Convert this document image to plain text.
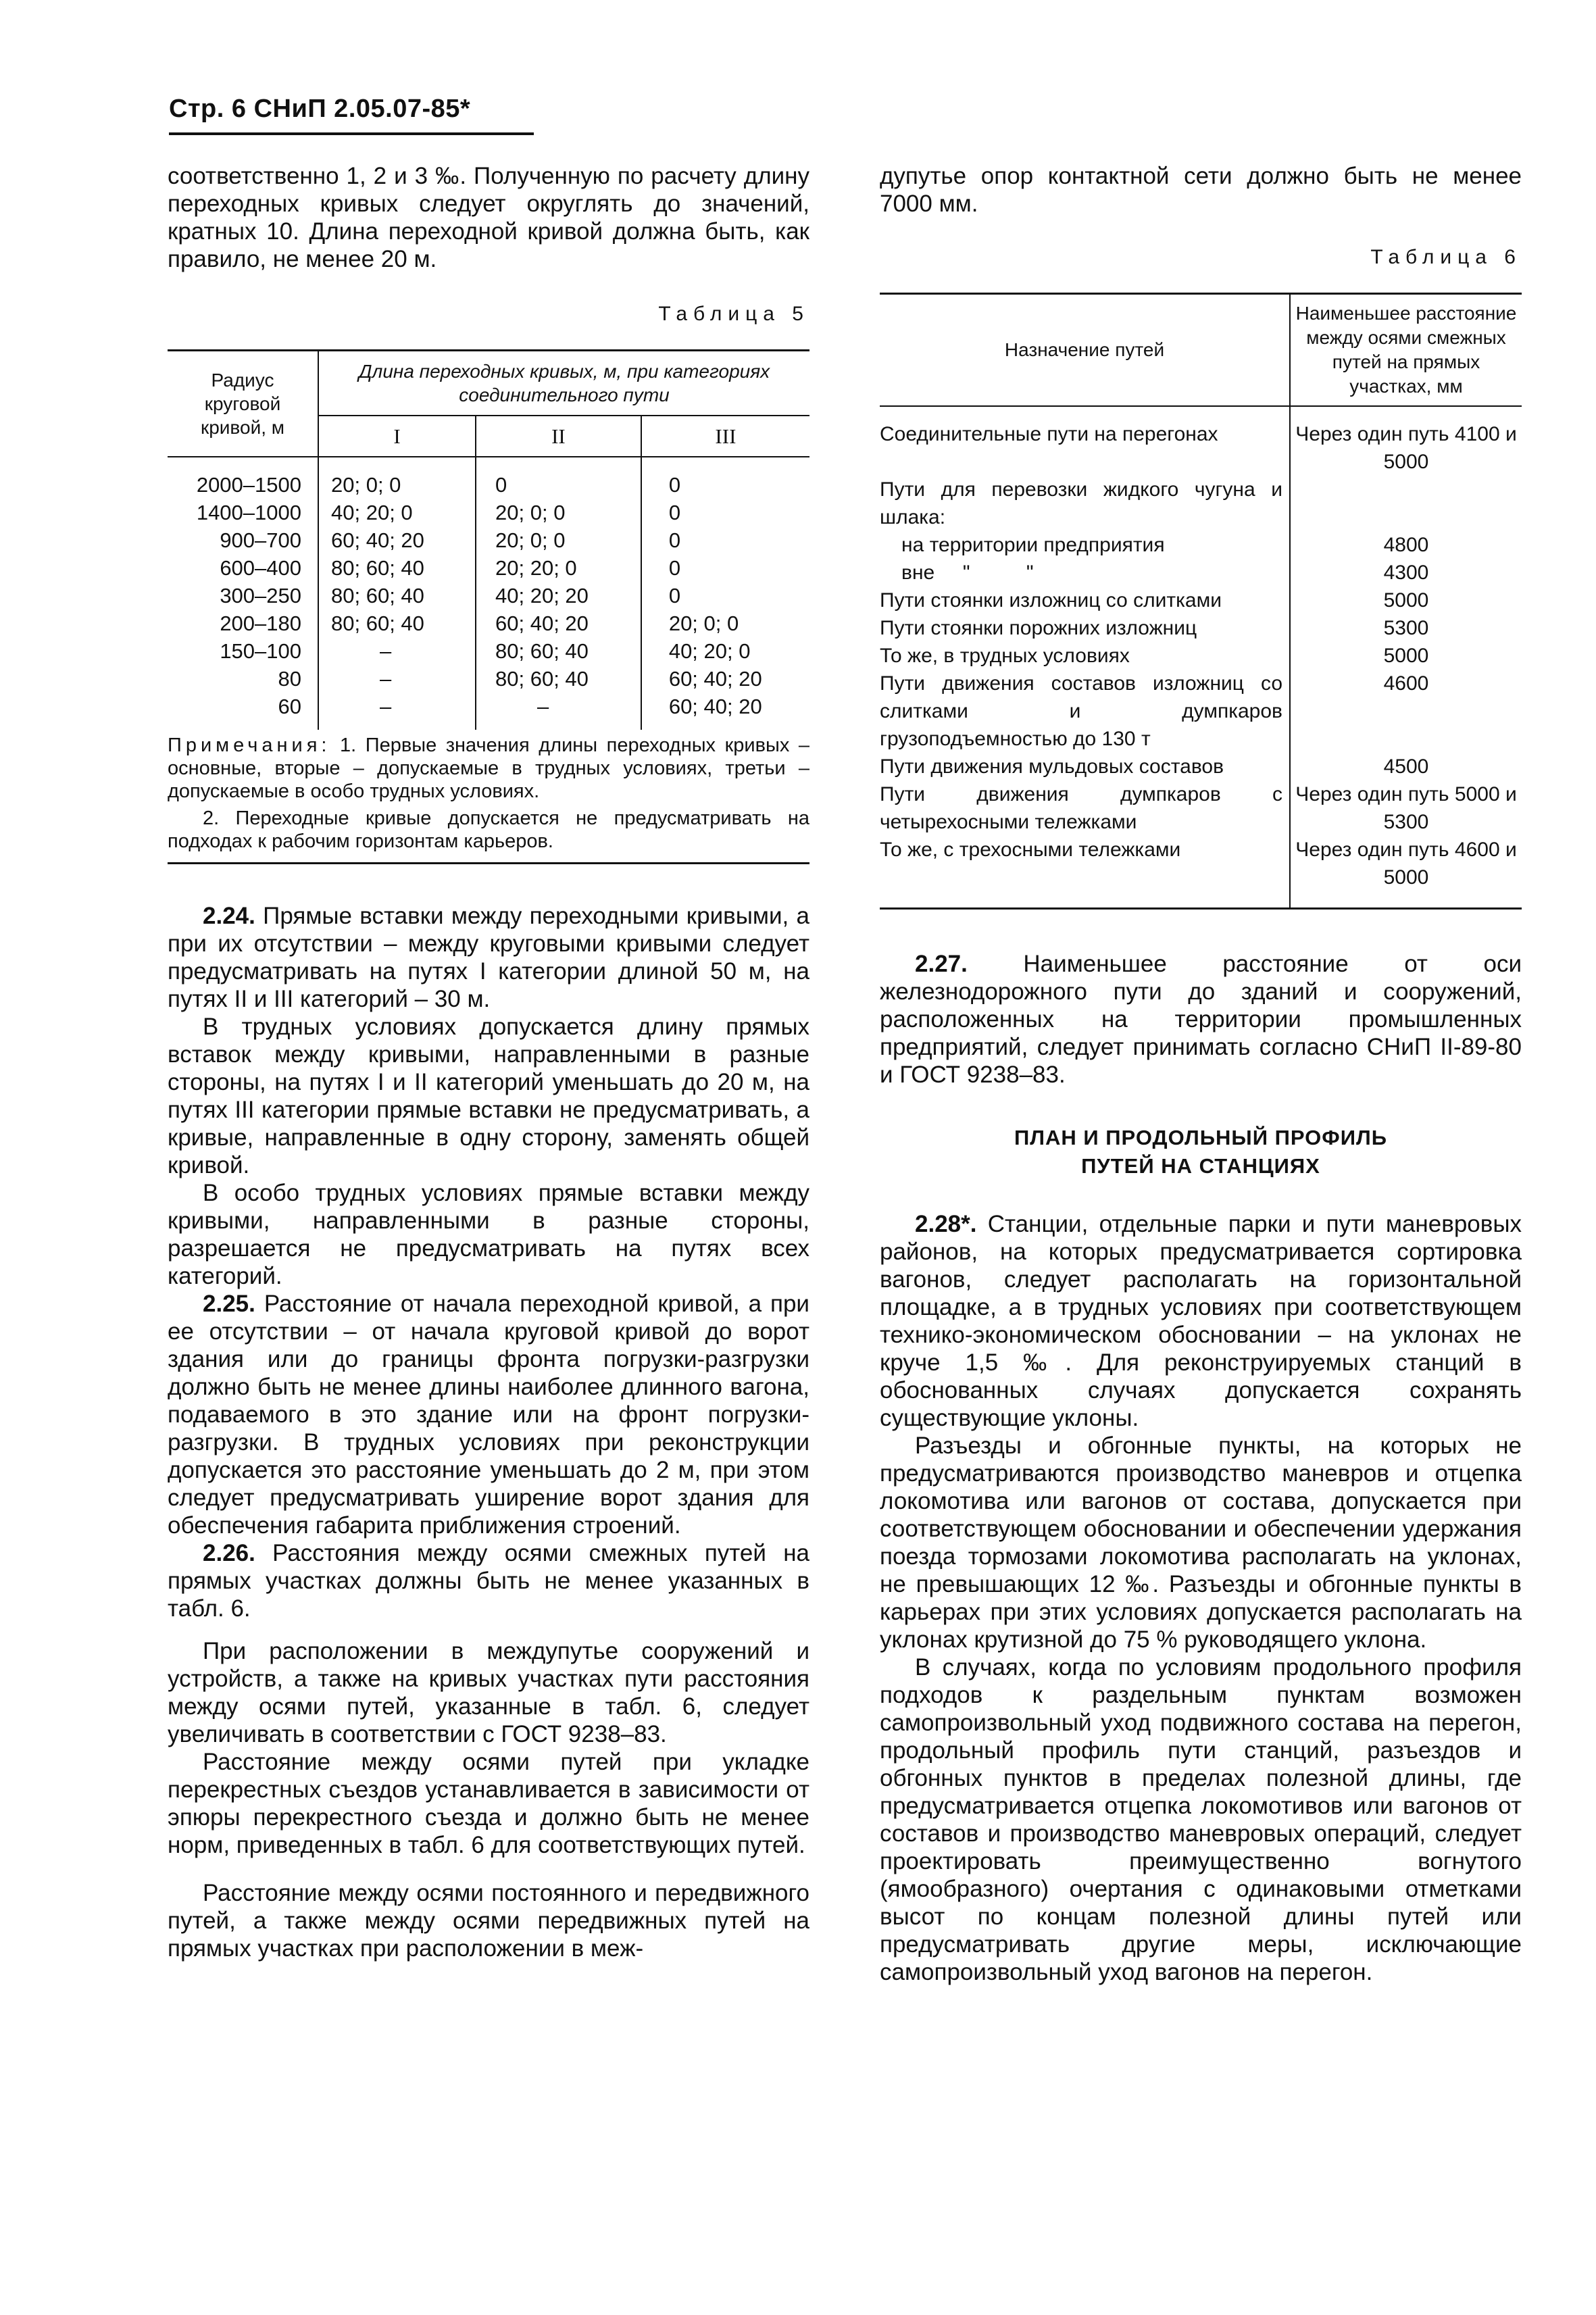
Стр. 6 СНиП 2.05.07-85*

соответственно 1, 2 и 3 ‰. Полученную по расчету длину переходных кривых следует округлять до значений, кратных 10. Длина переходной кривой должна быть, как правило, не менее 20 м.

Таблица 5
Радиус круговой кривой, м	Длина переходных кривых, м, при категориях соединительного пути		
	I	II	III
2000–1500	20; 0; 0	0	0
1400–1000	40; 20; 0	20; 0; 0	0
900–700	60; 40; 20	20; 0; 0	0
600–400	80; 60; 40	20; 20; 0	0
300–250	80; 60; 40	40; 20; 20	0
200–180	80; 60; 40	60; 40; 20	20; 0; 0
150–100	–	80; 60; 40	40; 20; 0
80	–	80; 60; 40	60; 40; 20
60	–	–	60; 40; 20

Примечания: 1. Первые значения длины переходных кривых – основные, вторые – допускаемые в трудных условиях, третьи – допускаемые в особо трудных условиях.

2. Переходные кривые допускается не предусматривать на подходах к рабочим горизонтам карьеров.

2.24. Прямые вставки между переходными кривыми, а при их отсутствии – между круговыми кривыми следует предусматривать на путях I категории длиной 50 м, на путях II и III категорий – 30 м.

В трудных условиях допускается длину прямых вставок между кривыми, направленными в разные стороны, на путях I и II категорий уменьшать до 20 м, на путях III категории прямые вставки не предусматривать, а кривые, направленные в одну сторону, заменять общей кривой.

В особо трудных условиях прямые вставки между кривыми, направленными в разные стороны, разрешается не предусматривать на путях всех категорий.

2.25. Расстояние от начала переходной кривой, а при ее отсутствии – от начала круговой кривой до ворот здания или до границы фронта погрузки-разгрузки должно быть не менее длины наиболее длинного вагона, подаваемого в это здание или на фронт погрузки-разгрузки. В трудных условиях при реконструкции допускается это расстояние уменьшать до 2 м, при этом следует предусматривать уширение ворот здания для обеспечения габарита приближения строений.

2.26. Расстояния между осями смежных путей на прямых участках должны быть не менее указанных в табл. 6.

При расположении в междупутье сооружений и устройств, а также на кривых участках пути расстояния между осями путей, указанные в табл. 6, следует увеличивать в соответствии с ГОСТ 9238–83.

Расстояние между осями путей при укладке перекрестных съездов устанавливается в зависимости от эпюры перекрестного съезда и должно быть не менее норм, приведенных в табл. 6 для соответствующих путей.

Расстояние между осями постоянного и передвижного путей, а также между осями передвижных путей на прямых участках при расположении в меж-

дупутье опор контактной сети должно быть не менее 7000 мм.

Таблица 6
Назначение путей	Наименьшее расстояние между осями смежных путей на прямых участках, мм
Соединительные пути на перегонах	Через один путь 4100 и 5000
Пути для перевозки жидкого чугуна и шлака:	
на территории предприятия	4800
вне     "          "	4300
Пути стоянки изложниц со слитками	5000
Пути стоянки порожних изложниц	5300
То же, в трудных условиях	5000
Пути движения составов изложниц со слитками и думпкаров грузоподъемностью до 130 т	4600
Пути движения мульдовых составов	4500
Пути движения думпкаров с четырехосными тележками	Через один путь 5000 и 5300
То же, с трехосными тележками	Через один путь 4600 и 5000

2.27. Наименьшее расстояние от оси железнодорожного пути до зданий и сооружений, расположенных на территории промышленных предприятий, следует принимать согласно СНиП II-89-80 и ГОСТ 9238–83.

ПЛАН И ПРОДОЛЬНЫЙ ПРОФИЛЬ
ПУТЕЙ НА СТАНЦИЯХ

2.28*. Станции, отдельные парки и пути маневровых районов, на которых предусматривается сортировка вагонов, следует располагать на горизонтальной площадке, а в трудных условиях при соответствующем технико-экономическом обосновании – на уклонах не круче 1,5 ‰. Для реконструируемых станций в обоснованных случаях допускается сохранять существующие уклоны.

Разъезды и обгонные пункты, на которых не предусматриваются производство маневров и отцепка локомотива или вагонов от состава, допускается при соответствующем обосновании и обеспечении удержания поезда тормозами локомотива располагать на уклонах, не превышающих 12 ‰. Разъезды и обгонные пункты в карьерах при этих условиях допускается располагать на уклонах крутизной до 75 % руководящего уклона.

В случаях, когда по условиям продольного профиля подходов к раздельным пунктам возможен самопроизвольный уход подвижного состава на перегон, продольный профиль пути станций, разъездов и обгонных пунктов в пределах полезной длины, где предусматривается отцепка локомотивов или вагонов от составов и производство маневровых операций, следует проектировать преимущественно вогнутого (ямообразного) очертания с одинаковыми отметками высот по концам полезной длины путей или предусматривать другие меры, исключающие самопроизвольный уход вагонов на перегон.
